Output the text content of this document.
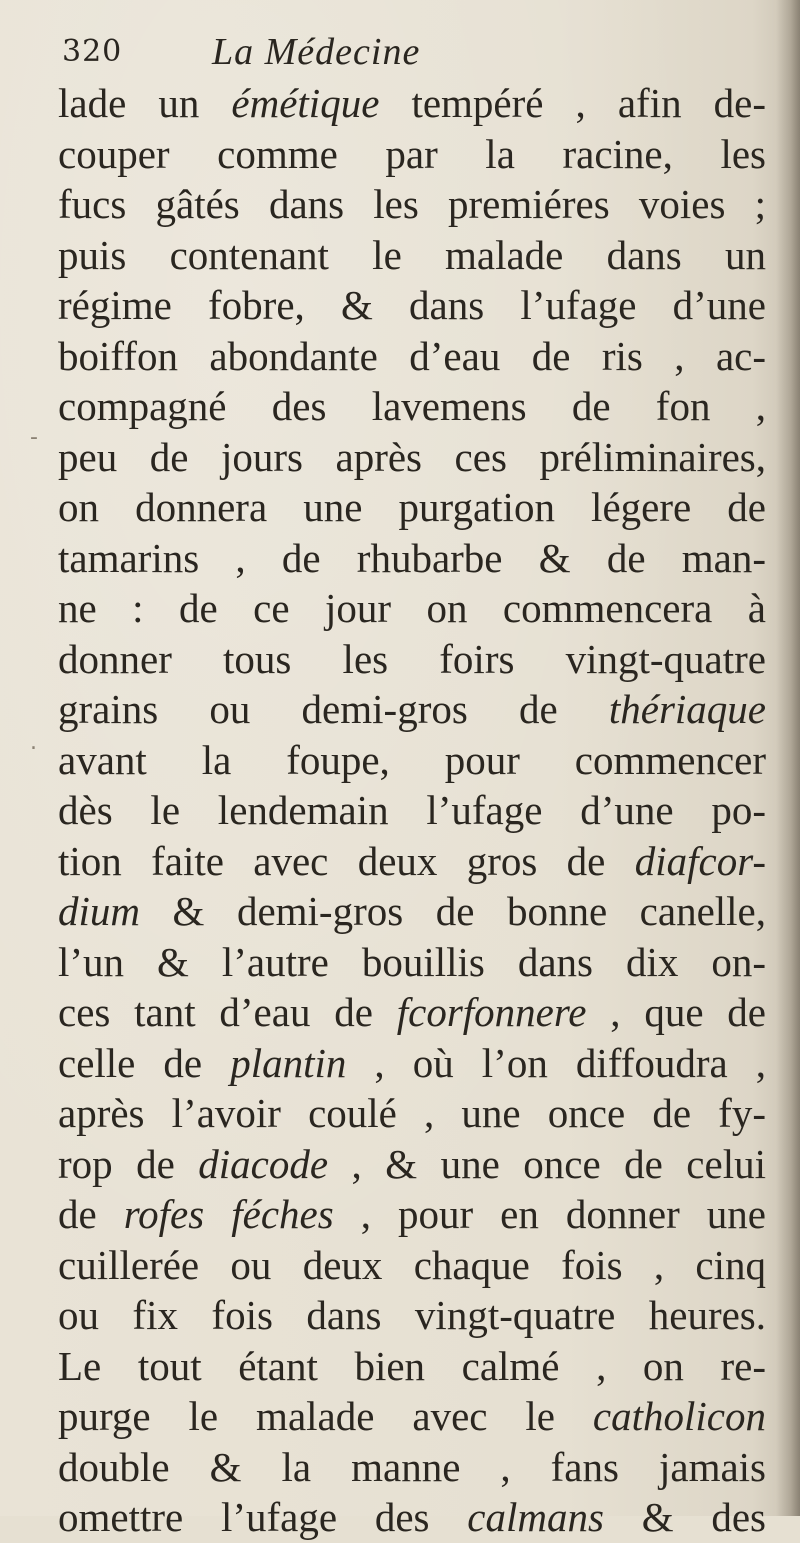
320 La Médecine
lade un émétique tempéré , afin de-
couper comme par la racine, les
fucs gâtés dans les premiéres voies ;
puis contenant le malade dans un
régime fobre, & dans l’ufage d’une
boiffon abondante d’eau de ris , ac-
compagné des lavemens de fon ,
peu de jours après ces préliminaires,
on donnera une purgation légere de
tamarins , de rhubarbe & de man-
ne : de ce jour on commencera à
donner tous les foirs vingt-quatre
grains ou demi-gros de thériaque
avant la foupe, pour commencer
dès le lendemain l’ufage d’une po-
tion faite avec deux gros de diafcor-
dium & demi-gros de bonne canelle,
l’un & l’autre bouillis dans dix on-
ces tant d’eau de fcorfonnere , que de
celle de plantin , où l’on diffoudra ,
après l’avoir coulé , une once de fy-
rop de diacode , & une once de celui
de rofes féches , pour en donner une
cuillerée ou deux chaque fois , cinq
ou fix fois dans vingt-quatre heures.
Le tout étant bien calmé , on re-
purge le malade avec le catholicon
double & la manne , fans jamais
omettre l’ufage des calmans & des
-
.
